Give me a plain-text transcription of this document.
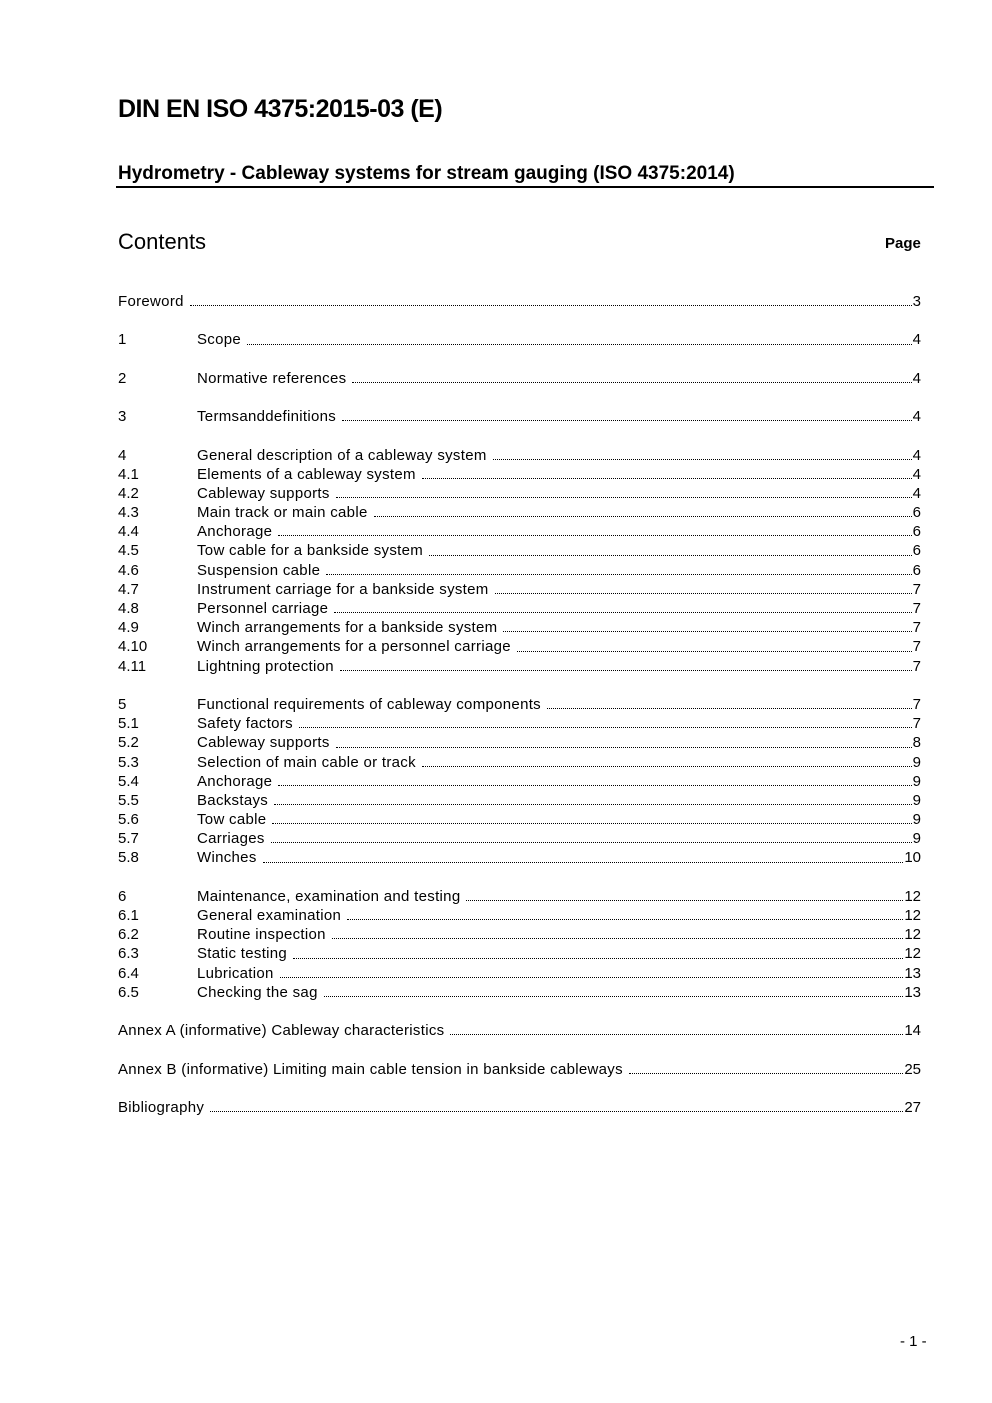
DIN EN ISO 4375:2015-03 (E)
Hydrometry - Cableway systems for stream gauging (ISO 4375:2014)
Contents	Page
Foreword	3
1	Scope	4
2	Normative references	4
3	Termsanddefinitions	4
4	General description of a cableway system	4
4.1	Elements of a cableway system	4
4.2	Cableway supports	4
4.3	Main track or main cable	6
4.4	Anchorage	6
4.5	Tow cable for a bankside system	6
4.6	Suspension cable	6
4.7	Instrument carriage for a bankside system	7
4.8	Personnel carriage	7
4.9	Winch arrangements for a bankside system	7
4.10	Winch arrangements for a personnel carriage	7
4.11	Lightning protection	7
5	Functional requirements of cableway components	7
5.1	Safety factors	7
5.2	Cableway supports	8
5.3	Selection of main cable or track	9
5.4	Anchorage	9
5.5	Backstays	9
5.6	Tow cable	9
5.7	Carriages	9
5.8	Winches	10
6	Maintenance, examination and testing	12
6.1	General examination	12
6.2	Routine inspection	12
6.3	Static testing	12
6.4	Lubrication	13
6.5	Checking the sag	13
Annex A (informative) Cableway characteristics	14
Annex B (informative) Limiting main cable tension in bankside cableways	25
Bibliography	27
- 1 -
